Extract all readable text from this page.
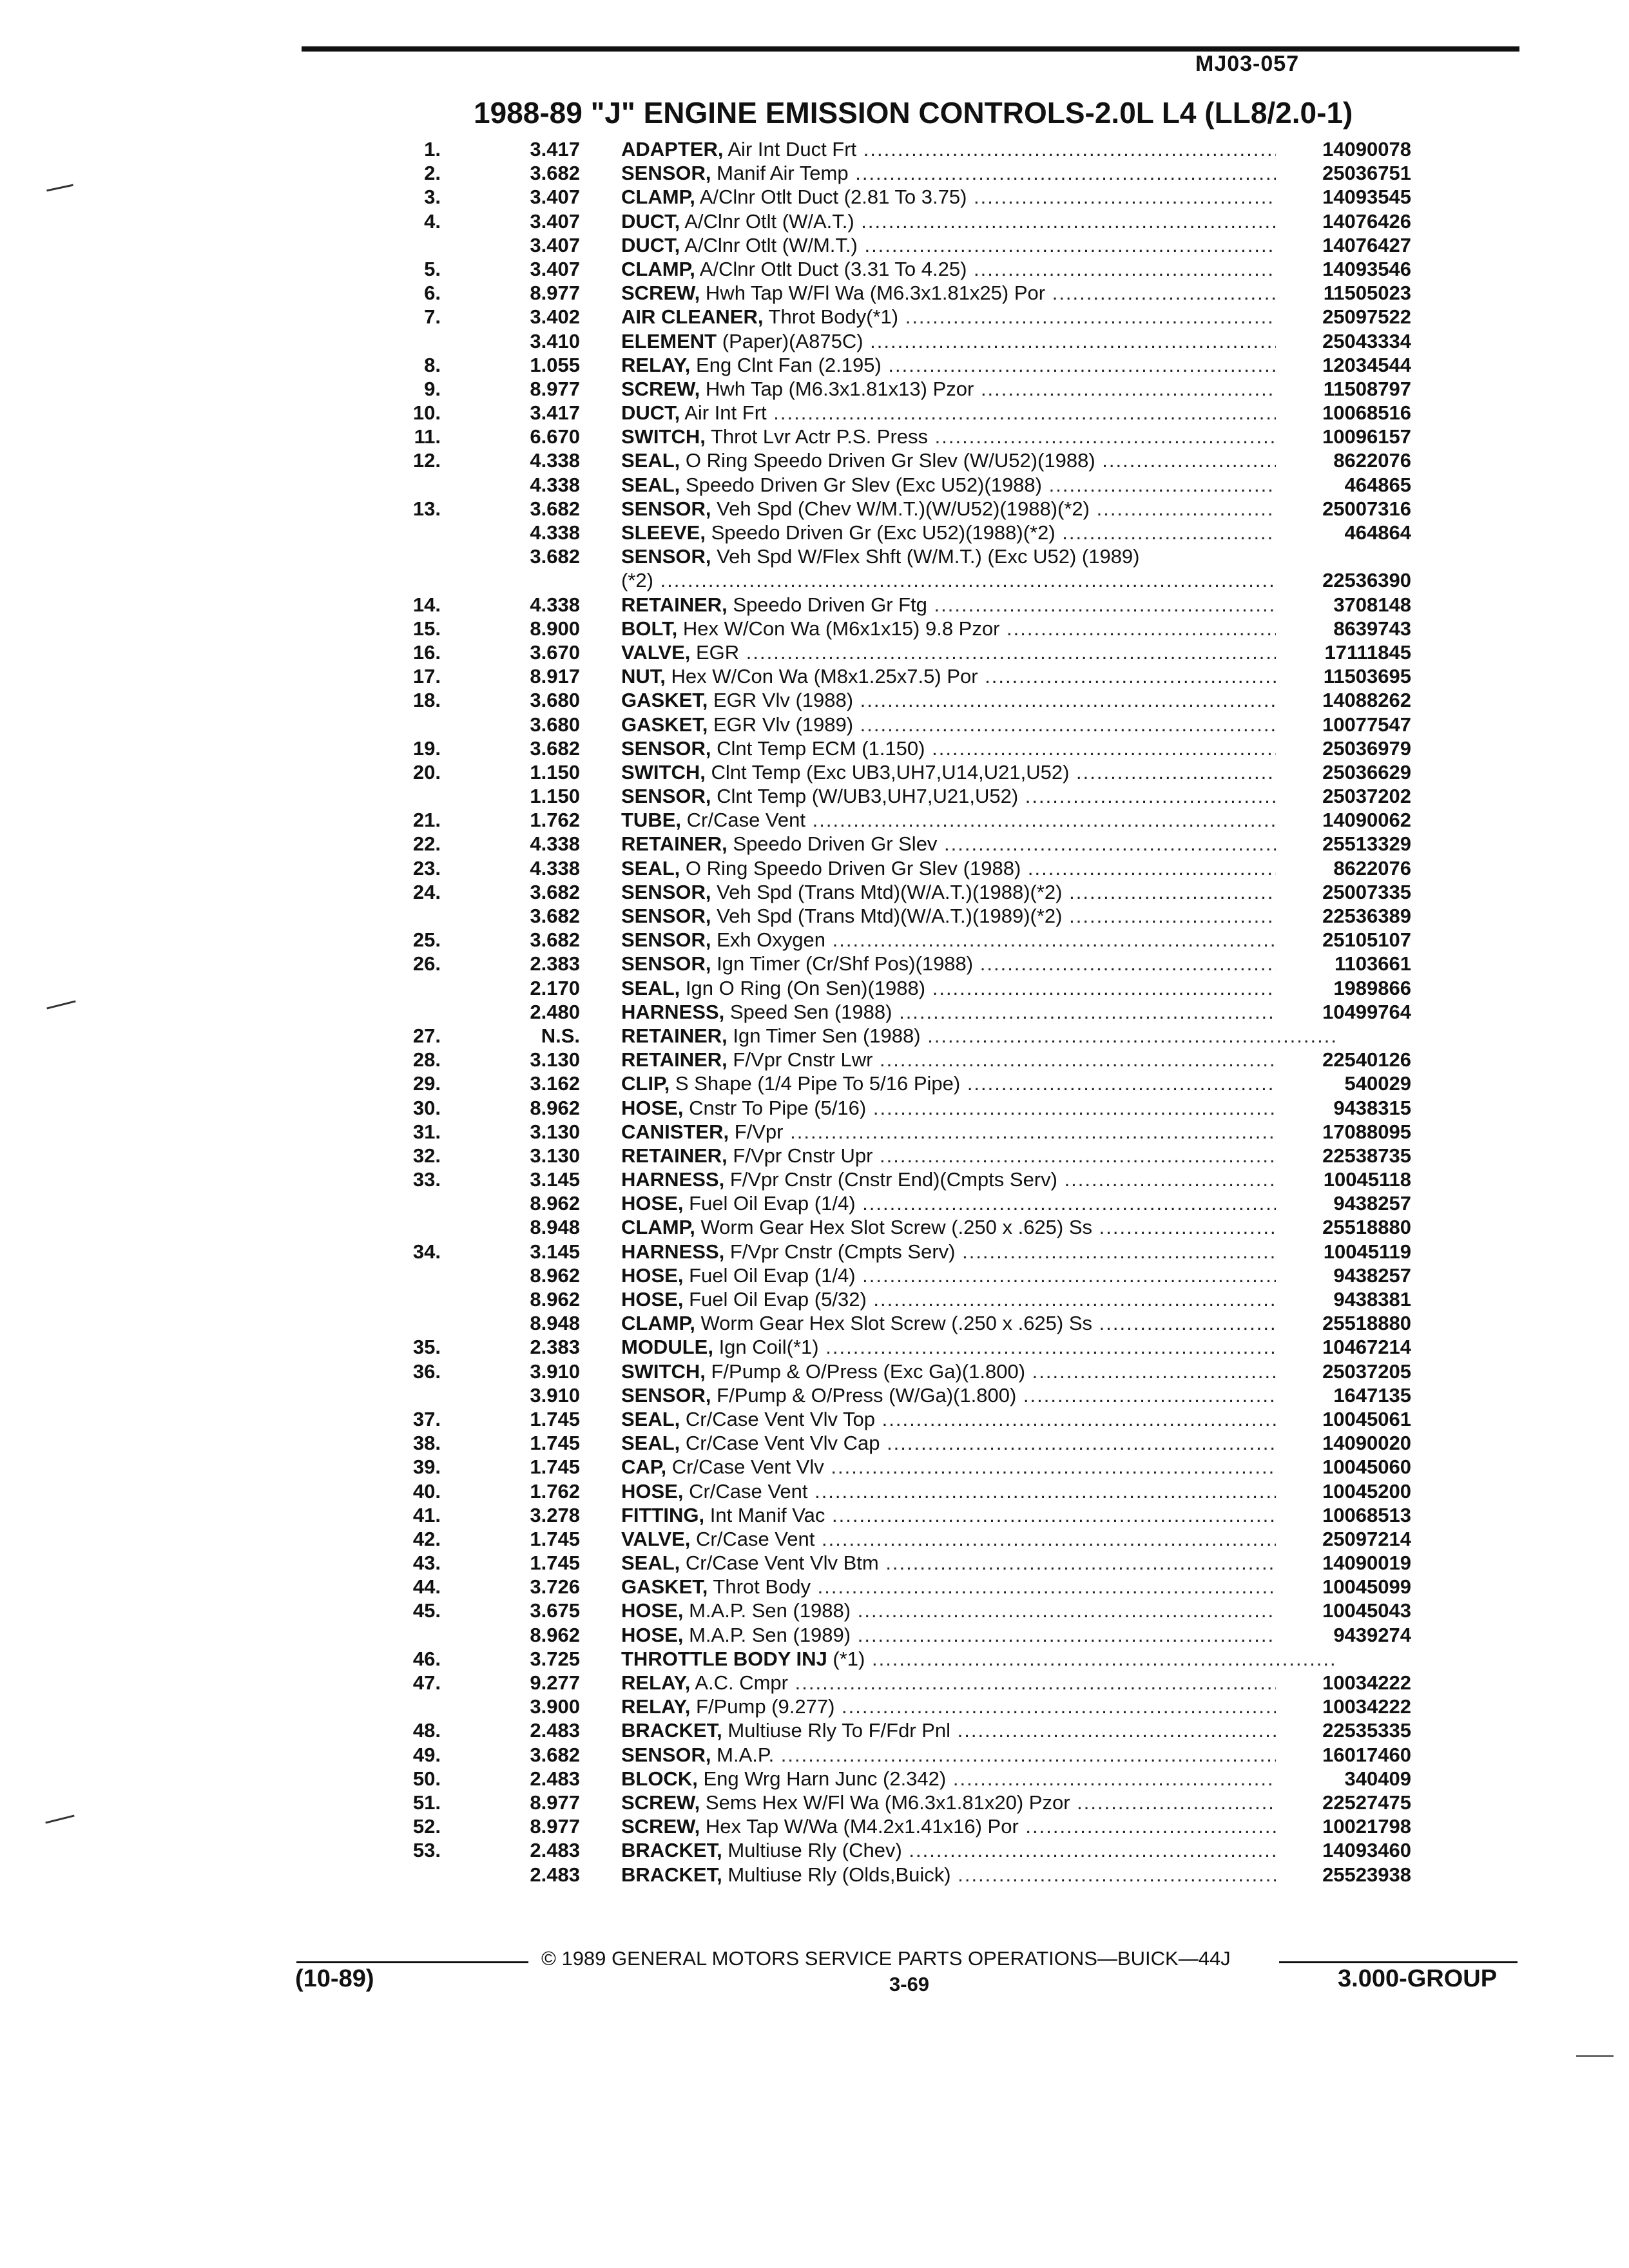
MJ03-057
1988-89 "J" ENGINE EMISSION CONTROLS-2.0L L4 (LL8/2.0-1)
1.	3.417 ADAPTER, Air Int Duct Frt .....	14090078
2.	3.682 SENSOR, Manif Air Temp .....	25036751
3.	3.407 CLAMP, A/Clnr Otlt Duct (2.81 To 3.75) .....	14093545
4.	3.407 DUCT, A/Clnr Otlt (W/A.T.) .....	14076426
3.407 DUCT, A/Clnr Otlt (W/M.T.) .....	14076427
5.	3.407 CLAMP, A/Clnr Otlt Duct (3.31 To 4.25) .....	14093546
6.	8.977 SCREW, Hwh Tap W/Fl Wa (M6.3x1.81x25) Por .....	11505023
7.	3.402 AIR CLEANER, Throt Body(*1) .....	25097522
3.410 ELEMENT (Paper)(A875C) .....	25043334
8.	1.055 RELAY, Eng Clnt Fan (2.195) .....	12034544
9.	8.977 SCREW, Hwh Tap (M6.3x1.81x13) Pzor .....	11508797
10.	3.417 DUCT, Air Int Frt .....	10068516
11.	6.670 SWITCH, Throt Lvr Actr P.S. Press .....	10096157
12.	4.338 SEAL, O Ring Speedo Driven Gr Slev (W/U52)(1988) .....	8622076
4.338 SEAL, Speedo Driven Gr Slev (Exc U52)(1988) .....	464865
13.	3.682 SENSOR, Veh Spd (Chev W/M.T.)(W/U52)(1988)(*2) .....	25007316
4.338 SLEEVE, Speedo Driven Gr (Exc U52)(1988)(*2) .....	464864
3.682 SENSOR, Veh Spd W/Flex Shft (W/M.T.) (Exc U52) (1989)
(*2) .....	22536390
14.	4.338 RETAINER, Speedo Driven Gr Ftg .....	3708148
15.	8.900 BOLT, Hex W/Con Wa (M6x1x15) 9.8 Pzor .....	8639743
16.	3.670 VALVE, EGR .....	17111845
17.	8.917 NUT, Hex W/Con Wa (M8x1.25x7.5) Por .....	11503695
18.	3.680 GASKET, EGR Vlv (1988) .....	14088262
3.680 GASKET, EGR Vlv (1989) .....	10077547
19.	3.682 SENSOR, Clnt Temp ECM (1.150) .....	25036979
20.	1.150 SWITCH, Clnt Temp (Exc UB3,UH7,U14,U21,U52) .....	25036629
1.150 SENSOR, Clnt Temp (W/UB3,UH7,U21,U52) .....	25037202
21.	1.762 TUBE, Cr/Case Vent .....	14090062
22.	4.338 RETAINER, Speedo Driven Gr Slev .....	25513329
23.	4.338 SEAL, O Ring Speedo Driven Gr Slev (1988) .....	8622076
24.	3.682 SENSOR, Veh Spd (Trans Mtd)(W/A.T.)(1988)(*2) .....	25007335
3.682 SENSOR, Veh Spd (Trans Mtd)(W/A.T.)(1989)(*2) .....	22536389
25.	3.682 SENSOR, Exh Oxygen .....	25105107
26.	2.383 SENSOR, Ign Timer (Cr/Shf Pos)(1988) .....	1103661
2.170 SEAL, Ign O Ring (On Sen)(1988) .....	1989866
2.480 HARNESS, Speed Sen (1988) .....	10499764
27.	N.S. RETAINER, Ign Timer Sen (1988) .....
28.	3.130 RETAINER, F/Vpr Cnstr Lwr .....	22540126
29.	3.162 CLIP, S Shape (1/4 Pipe To 5/16 Pipe) .....	540029
30.	8.962 HOSE, Cnstr To Pipe (5/16) .....	9438315
31.	3.130 CANISTER, F/Vpr .....	17088095
32.	3.130 RETAINER, F/Vpr Cnstr Upr .....	22538735
33.	3.145 HARNESS, F/Vpr Cnstr (Cnstr End)(Cmpts Serv) .....	10045118
8.962 HOSE, Fuel Oil Evap (1/4) .....	9438257
8.948 CLAMP, Worm Gear Hex Slot Screw (.250 x .625) Ss .....	25518880
34.	3.145 HARNESS, F/Vpr Cnstr (Cmpts Serv) .....	10045119
8.962 HOSE, Fuel Oil Evap (1/4) .....	9438257
8.962 HOSE, Fuel Oil Evap (5/32) .....	9438381
8.948 CLAMP, Worm Gear Hex Slot Screw (.250 x .625) Ss .....	25518880
35.	2.383 MODULE, Ign Coil(*1) .....	10467214
36.	3.910 SWITCH, F/Pump & O/Press (Exc Ga)(1.800) .....	25037205
3.910 SENSOR, F/Pump & O/Press (W/Ga)(1.800) .....	1647135
37.	1.745 SEAL, Cr/Case Vent Vlv Top .....	10045061
38.	1.745 SEAL, Cr/Case Vent Vlv Cap .....	14090020
39.	1.745 CAP, Cr/Case Vent Vlv .....	10045060
40.	1.762 HOSE, Cr/Case Vent .....	10045200
41.	3.278 FITTING, Int Manif Vac .....	10068513
42.	1.745 VALVE, Cr/Case Vent .....	25097214
43.	1.745 SEAL, Cr/Case Vent Vlv Btm .....	14090019
44.	3.726 GASKET, Throt Body .....	10045099
45.	3.675 HOSE, M.A.P. Sen (1988) .....	10045043
8.962 HOSE, M.A.P. Sen (1989) .....	9439274
46.	3.725 THROTTLE BODY INJ (*1) .....
47.	9.277 RELAY, A.C. Cmpr .....	10034222
3.900 RELAY, F/Pump (9.277) .....	10034222
48.	2.483 BRACKET, Multiuse Rly To F/Fdr Pnl .....	22535335
49.	3.682 SENSOR, M.A.P. .....	16017460
50.	2.483 BLOCK, Eng Wrg Harn Junc (2.342) .....	340409
51.	8.977 SCREW, Sems Hex W/Fl Wa (M6.3x1.81x20) Pzor .....	22527475
52.	8.977 SCREW, Hex Tap W/Wa (M4.2x1.41x16) Por .....	10021798
53.	2.483 BRACKET, Multiuse Rly (Chev) .....	14093460
2.483 BRACKET, Multiuse Rly (Olds,Buick) .....	25523938
© 1989 GENERAL MOTORS SERVICE PARTS OPERATIONS—BUICK—44J
(10-89)	3-69	3.000-GROUP
